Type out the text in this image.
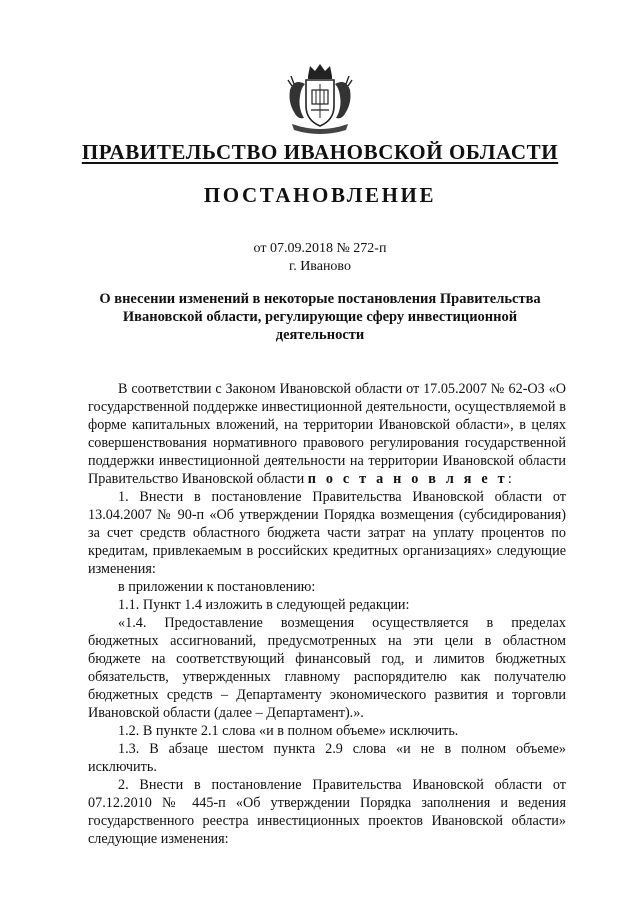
ПРАВИТЕЛЬСТВО ИВАНОВСКОЙ ОБЛАСТИ
ПОСТАНОВЛЕНИЕ
от 07.09.2018 № 272-п
г. Иваново
О внесении изменений в некоторые постановления Правительства Ивановской области, регулирующие сферу инвестиционной деятельности

В соответствии с Законом Ивановской области от 17.05.2007 № 62-ОЗ «О государственной поддержке инвестиционной деятельности, осуществляемой в форме капитальных вложений, на территории Ивановской области», в целях совершенствования нормативного правового регулирования государственной поддержки инвестиционной деятельности на территории Ивановской области Правительство Ивановской области п о с т а н о в л я е т:

1. Внести в постановление Правительства Ивановской области от 13.04.2007 № 90-п «Об утверждении Порядка возмещения (субсидирования) за счет средств областного бюджета части затрат на уплату процентов по кредитам, привлекаемым в российских кредитных организациях» следующие изменения:

в приложении к постановлению:

1.1. Пункт 1.4 изложить в следующей редакции:

«1.4. Предоставление возмещения осуществляется в пределах бюджетных ассигнований, предусмотренных на эти цели в областном бюджете на соответствующий финансовый год, и лимитов бюджетных обязательств, утвержденных главному распорядителю как получателю бюджетных средств – Департаменту экономического развития и торговли Ивановской области (далее – Департамент).».

1.2. В пункте 2.1 слова «и в полном объеме» исключить.

1.3. В абзаце шестом пункта 2.9 слова «и не в полном объеме» исключить.

2. Внести в постановление Правительства Ивановской области от 07.12.2010 № 445-п «Об утверждении Порядка заполнения и ведения государственного реестра инвестиционных проектов Ивановской области» следующие изменения:
